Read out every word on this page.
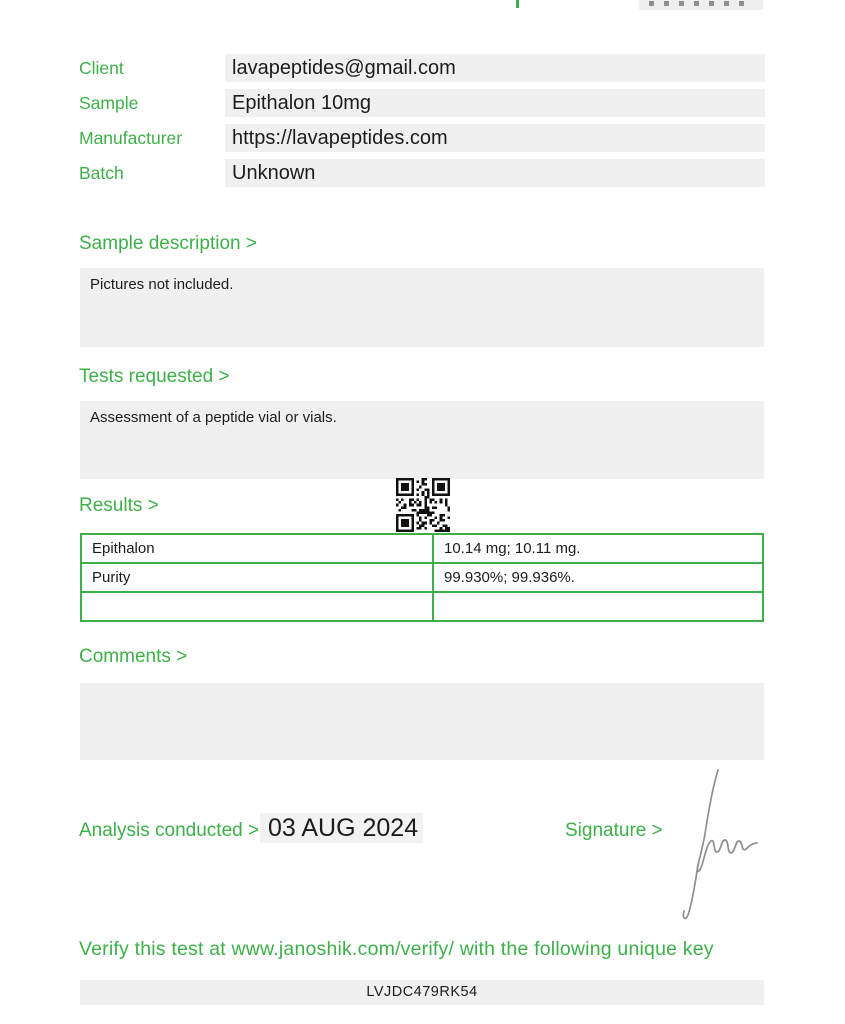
Client	lavapeptides@gmail.com
Sample	Epithalon 10mg
Manufacturer	https://lavapeptides.com
Batch	Unknown
Sample description >
Pictures not included.
Tests requested >
Assessment of a peptide vial or vials.
Results >
Epithalon	10.14 mg; 10.11 mg.
Purity	99.930%; 99.936%.

Comments >
Analysis conducted > 03 AUG 2024	Signature >
Verify this test at www.janoshik.com/verify/ with the following unique key
LVJDC479RK54
